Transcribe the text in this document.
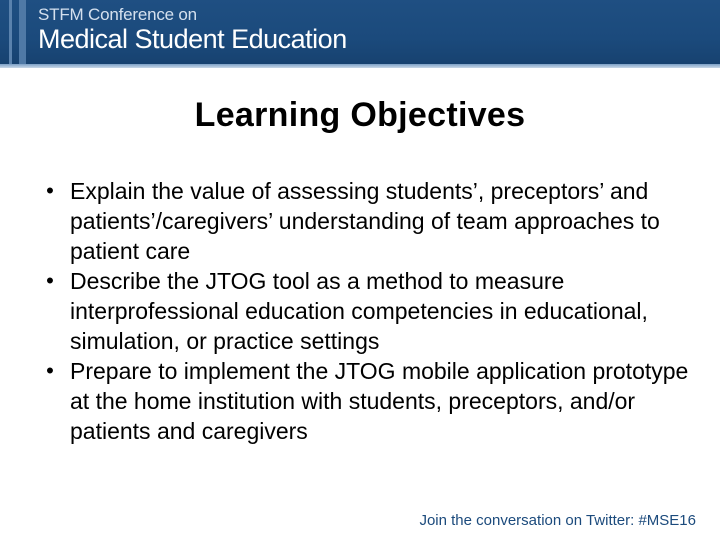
STFM Conference on
Medical Student Education
Learning Objectives
• Explain the value of assessing students’, preceptors’ and patients’/caregivers’ understanding of team approaches to patient care
• Describe the JTOG tool as a method to measure interprofessional education competencies in educational, simulation, or practice settings
• Prepare to implement the JTOG mobile application prototype at the home institution with students, preceptors, and/or patients and caregivers
Join the conversation on Twitter: #MSE16
